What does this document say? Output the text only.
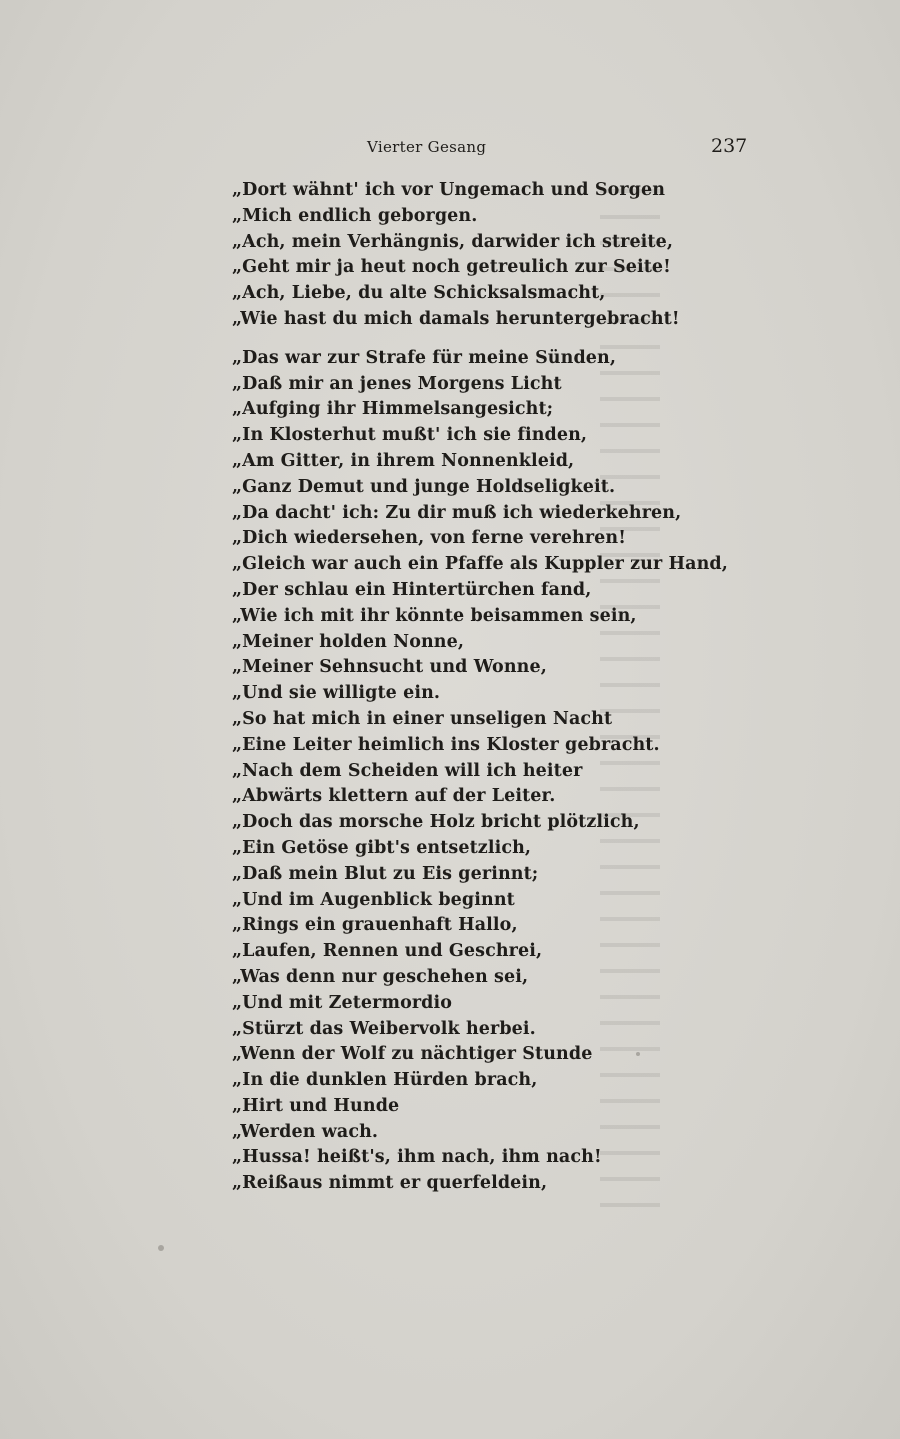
Vierter Gesang	237
„Dort wähnt' ich vor Ungemach und Sorgen
„Mich endlich geborgen.
„Ach, mein Verhängnis, darwider ich streite,
„Geht mir ja heut noch getreulich zur Seite!
„Ach, Liebe, du alte Schicksalsmacht,
„Wie hast du mich damals heruntergebracht!
„Das war zur Strafe für meine Sünden,
„Daß mir an jenes Morgens Licht
„Aufging ihr Himmelsangesicht;
„In Klosterhut mußt' ich sie finden,
„Am Gitter, in ihrem Nonnenkleid,
„Ganz Demut und junge Holdseligkeit.
„Da dacht' ich: Zu dir muß ich wiederkehren,
„Dich wiedersehen, von ferne verehren!
„Gleich war auch ein Pfaffe als Kuppler zur Hand,
„Der schlau ein Hintertürchen fand,
„Wie ich mit ihr könnte beisammen sein,
„Meiner holden Nonne,
„Meiner Sehnsucht und Wonne,
„Und sie willigte ein.
„So hat mich in einer unseligen Nacht
„Eine Leiter heimlich ins Kloster gebracht.
„Nach dem Scheiden will ich heiter
„Abwärts klettern auf der Leiter.
„Doch das morsche Holz bricht plötzlich,
„Ein Getöse gibt's entsetzlich,
„Daß mein Blut zu Eis gerinnt;
„Und im Augenblick beginnt
„Rings ein grauenhaft Hallo,
„Laufen, Rennen und Geschrei,
„Was denn nur geschehen sei,
„Und mit Zetermordio
„Stürzt das Weibervolk herbei.
„Wenn der Wolf zu nächtiger Stunde
„In die dunklen Hürden brach,
„Hirt und Hunde
„Werden wach.
„Hussa! heißt's, ihm nach, ihm nach!
„Reißaus nimmt er querfeldein,
